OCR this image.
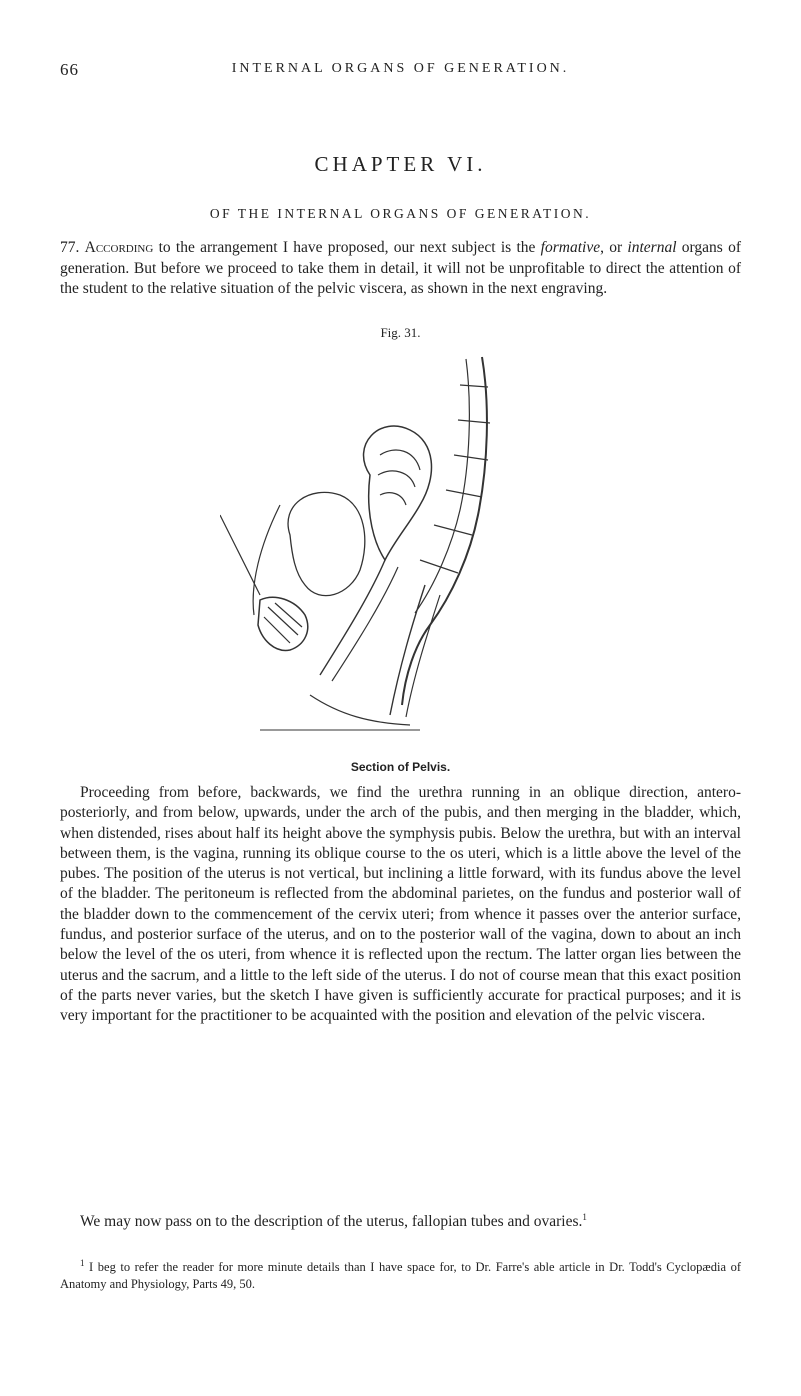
66	INTERNAL ORGANS OF GENERATION.
CHAPTER VI.
OF THE INTERNAL ORGANS OF GENERATION.

77. According to the arrangement I have proposed, our next subject is the formative, or internal organs of generation. But before we proceed to take them in detail, it will not be unprofitable to direct the attention of the student to the relative situation of the pelvic viscera, as shown in the next engraving.

Fig. 31.
Section of Pelvis.

Proceeding from before, backwards, we find the urethra running in an oblique direction, antero-posteriorly, and from below, upwards, under the arch of the pubis, and then merging in the bladder, which, when distended, rises about half its height above the symphysis pubis. Below the urethra, but with an interval between them, is the vagina, running its oblique course to the os uteri, which is a little above the level of the pubes. The position of the uterus is not vertical, but inclining a little forward, with its fundus above the level of the bladder. The peritoneum is reflected from the abdominal parietes, on the fundus and posterior wall of the bladder down to the commencement of the cervix uteri; from whence it passes over the anterior surface, fundus, and posterior surface of the uterus, and on to the posterior wall of the vagina, down to about an inch below the level of the os uteri, from whence it is reflected upon the rectum. The latter organ lies between the uterus and the sacrum, and a little to the left side of the uterus. I do not of course mean that this exact position of the parts never varies, but the sketch I have given is sufficiently accurate for practical purposes; and it is very important for the practitioner to be acquainted with the position and elevation of the pelvic viscera.

We may now pass on to the description of the uterus, fallopian tubes and ovaries.$^1$

$^1$ I beg to refer the reader for more minute details than I have space for, to Dr. Farre's able article in Dr. Todd's Cyclopædia of Anatomy and Physiology, Parts 49, 50.
